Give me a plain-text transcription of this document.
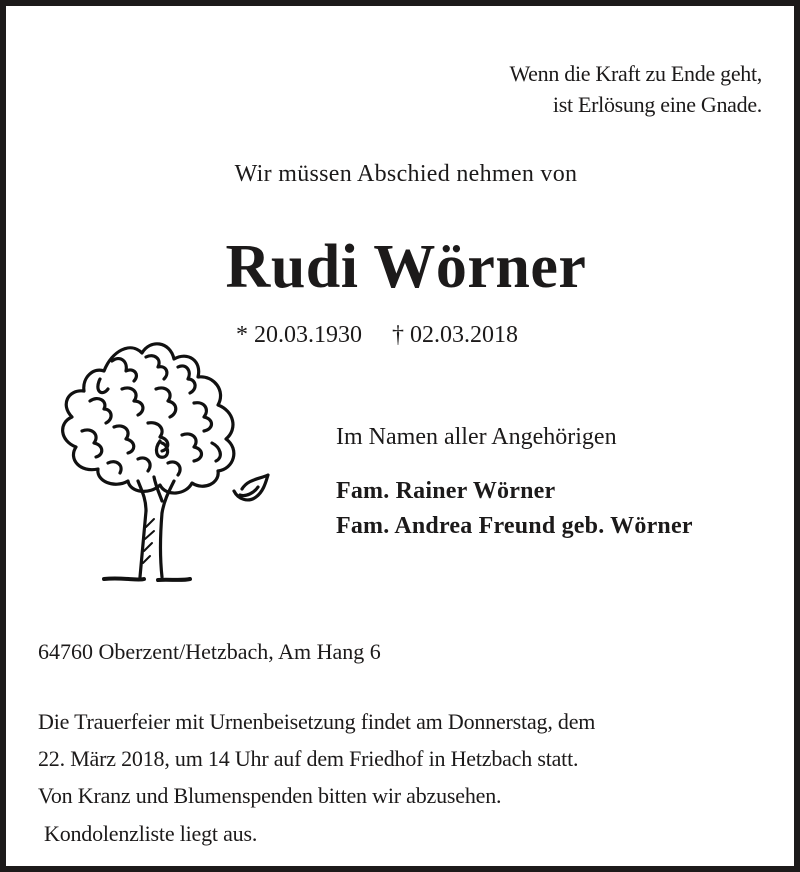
Wenn die Kraft zu Ende geht,
ist Erlösung eine Gnade.
Wir müssen Abschied nehmen von
Rudi Wörner
* 20.03.1930 † 02.03.2018
Im Namen aller Angehörigen
Fam. Rainer Wörner
Fam. Andrea Freund geb. Wörner
64760 Oberzent/Hetzbach, Am Hang 6
Die Trauerfeier mit Urnenbeisetzung findet am Donnerstag, dem
22. März 2018, um 14 Uhr auf dem Friedhof in Hetzbach statt.
Von Kranz und Blumenspenden bitten wir abzusehen.
Kondolenzliste liegt aus.
